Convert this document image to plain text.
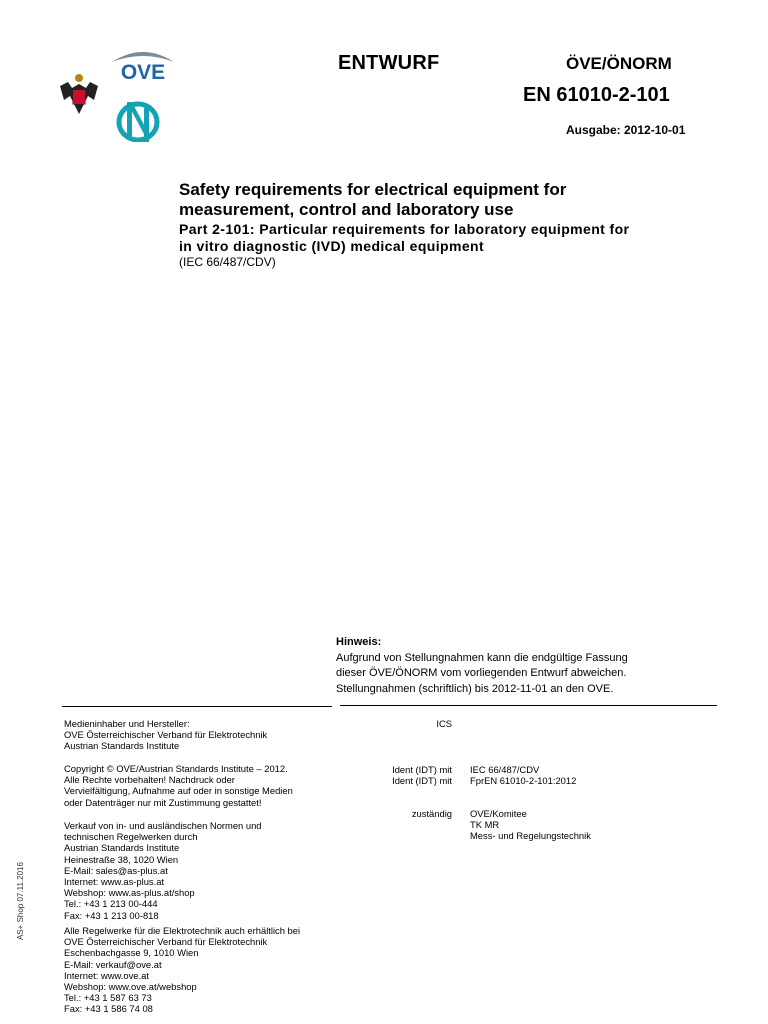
OVE	ENTWURF	ÖVE/ÖNORM
EN 61010-2-101
Ausgabe: 2012-10-01
Safety requirements for electrical equipment for
measurement, control and laboratory use
Part 2-101: Particular requirements for laboratory equipment for
in vitro diagnostic (IVD) medical equipment
(IEC 66/487/CDV)
Hinweis:
Aufgrund von Stellungnahmen kann die endgültige Fassung
dieser ÖVE/ÖNORM vom vorliegenden Entwurf abweichen.
Stellungnahmen (schriftlich) bis 2012-11-01 an den OVE.
Medieninhaber und Hersteller:
OVE Österreichischer Verband für Elektrotechnik
Austrian Standards Institute
Copyright © OVE/Austrian Standards Institute – 2012.
Alle Rechte vorbehalten! Nachdruck oder
Vervielfältigung, Aufnahme auf oder in sonstige Medien
oder Datenträger nur mit Zustimmung gestattet!
Verkauf von in- und ausländischen Normen und
technischen Regelwerken durch
Austrian Standards Institute
Heinestraße 38, 1020 Wien
E-Mail: sales@as-plus.at
Internet: www.as-plus.at
Webshop: www.as-plus.at/shop
Tel.: +43 1 213 00-444
Fax: +43 1 213 00-818
Alle Regelwerke für die Elektrotechnik auch erhältlich bei
OVE Österreichischer Verband für Elektrotechnik
Eschenbachgasse 9, 1010 Wien
E-Mail: verkauf@ove.at
Internet: www.ove.at
Webshop: www.ove.at/webshop
Tel.: +43 1 587 63 73
Fax: +43 1 586 74 08
ICS
Ident (IDT) mit
Ident (IDT) mit
IEC 66/487/CDV
FprEN 61010-2-101:2012
zuständig OVE/Komitee
TK MR
Mess- und Regelungstechnik
AS+ Shop 07.11.2016
